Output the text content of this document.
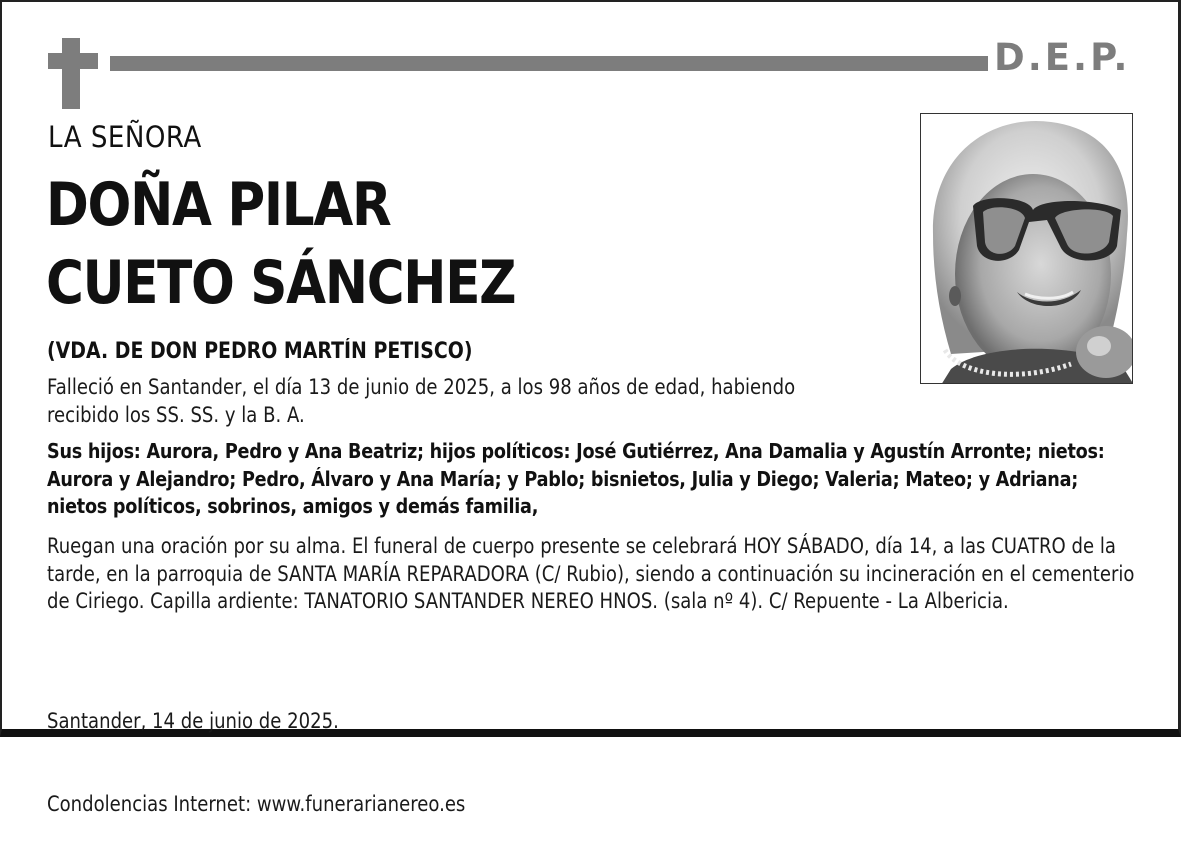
D.E.P.
LA SEÑORA
DOÑA PILAR
CUETO SÁNCHEZ
(VDA. DE DON PEDRO MARTÍN PETISCO)
Falleció en Santander, el día 13 de junio de 2025, a los 98 años de edad, habiendo recibido los SS. SS. y la B. A.
Sus hijos: Aurora, Pedro y Ana Beatriz; hijos políticos: José Gutiérrez, Ana Damalia y Agustín Arronte; nietos: Aurora y Alejandro; Pedro, Álvaro y Ana María; y Pablo; bisnietos, Julia y Diego; Valeria; Mateo; y Adriana; nietos políticos, sobrinos, amigos y demás familia,
Ruegan una oración por su alma. El funeral de cuerpo presente se celebrará HOY SÁBADO, día 14, a las CUATRO de la tarde, en la parroquia de SANTA MARÍA REPARADORA (C/ Rubio), siendo a continuación su incineración en el cementerio de Ciriego. Capilla ardiente: TANATORIO SANTANDER NEREO HNOS. (sala nº 4). C/ Repuente - La Albericia.

Santander, 14 de junio de 2025.

Condolencias Internet: www.funerarianereo.es
